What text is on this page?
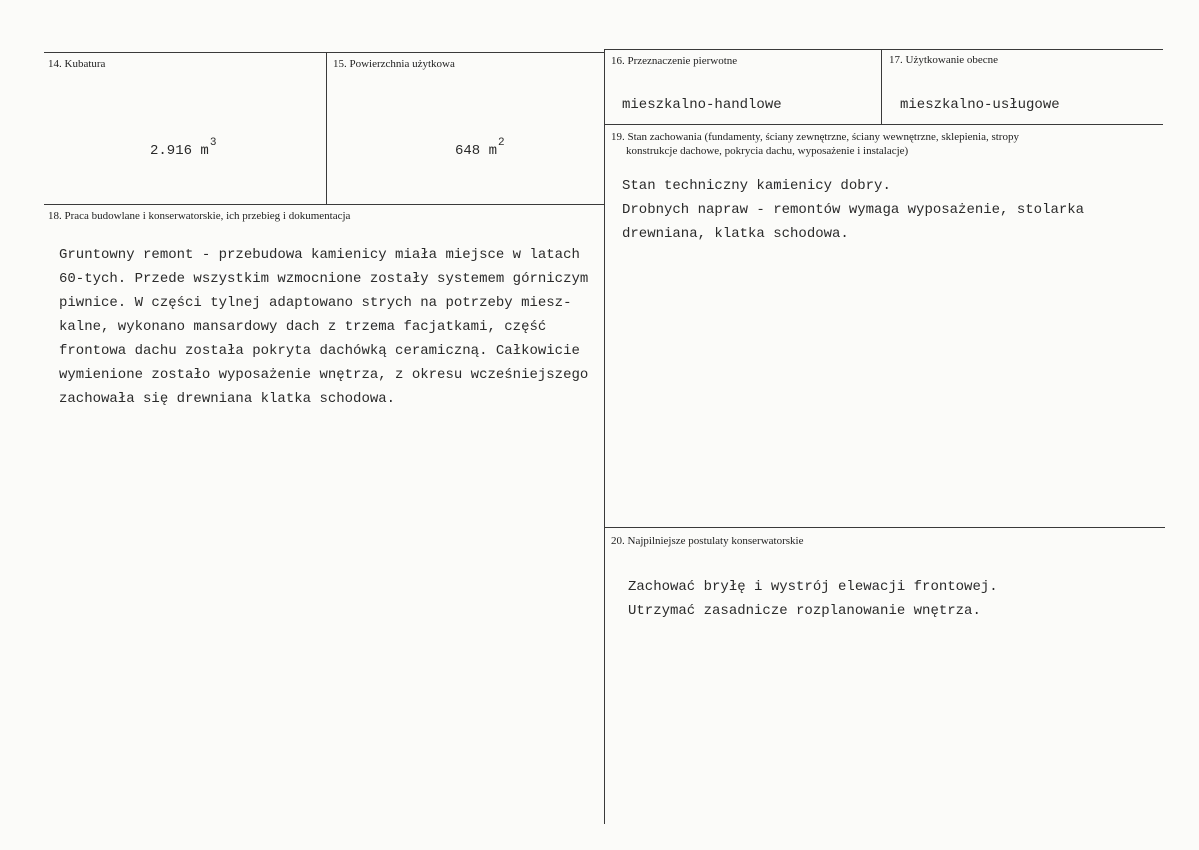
14. Kubatura
2.916 $m^3$
15. Powierzchnia użytkowa
648 $m^2$
16. Przeznaczenie pierwotne
mieszkalno-handlowe
17. Użytkowanie obecne
mieszkalno-usługowe
18. Praca budowlane i konserwatorskie, ich przebieg i dokumentacja
Gruntowny remont - przebudowa kamienicy miała miejsce w latach
60-tych. Przede wszystkim wzmocnione zostały systemem górniczym
piwnice. W części tylnej adaptowano strych na potrzeby miesz-
kalne, wykonano mansardowy dach z trzema facjatkami, część
frontowa dachu została pokryta dachówką ceramiczną. Całkowicie
wymienione zostało wyposażenie wnętrza, z okresu wcześniejszego
zachowała się drewniana klatka schodowa.
19. Stan zachowania (fundamenty, ściany zewnętrzne, ściany wewnętrzne, sklepienia, stropy
konstrukcje dachowe, pokrycia dachu, wyposażenie i instalacje)
Stan techniczny kamienicy dobry.
Drobnych napraw - remontów wymaga wyposażenie, stolarka
drewniana, klatka schodowa.
20. Najpilniejsze postulaty konserwatorskie
Zachować bryłę i wystrój elewacji frontowej.
Utrzymać zasadnicze rozplanowanie wnętrza.
